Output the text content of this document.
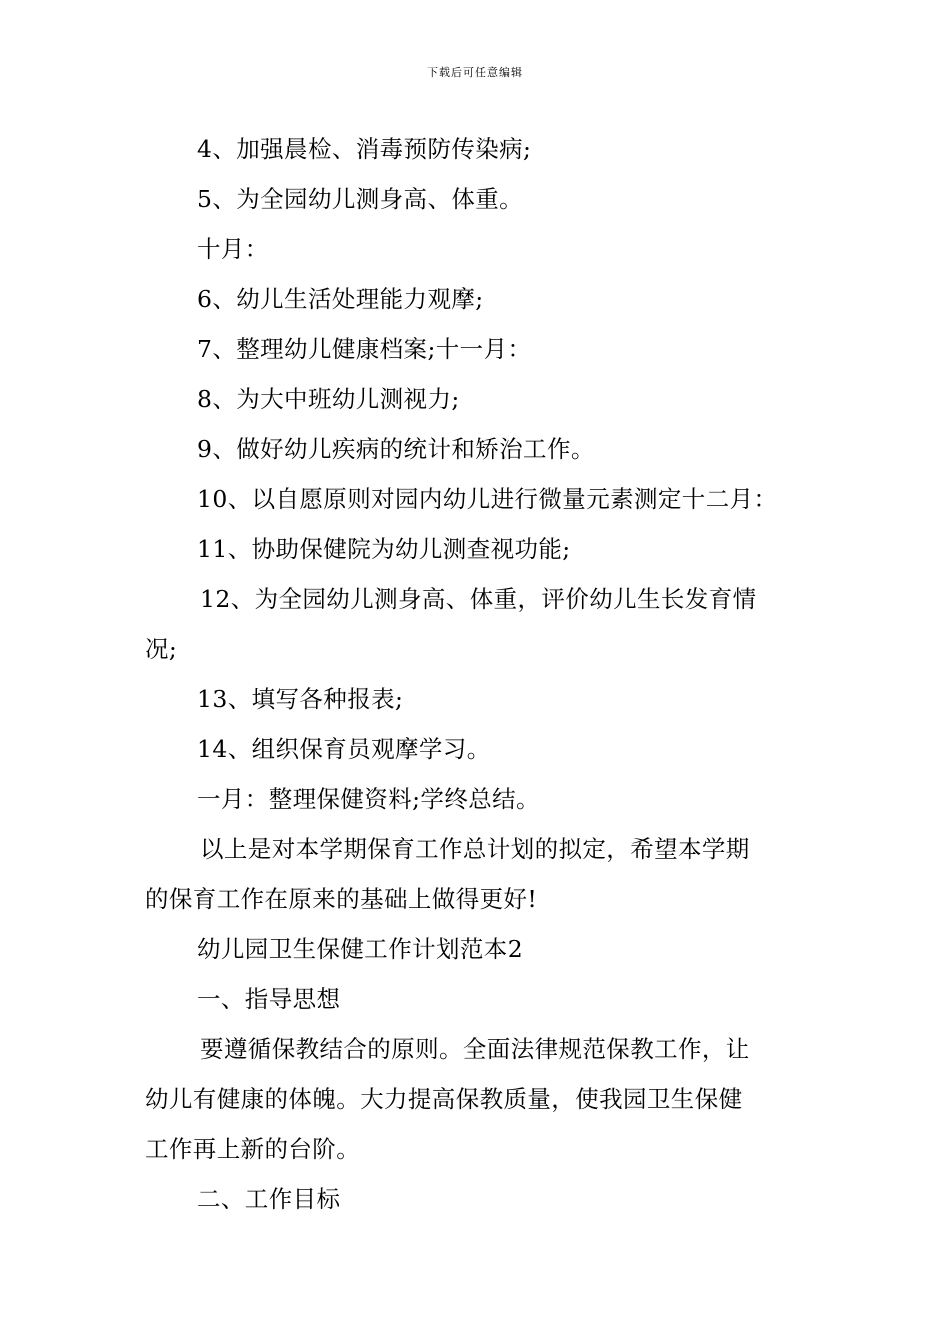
下载后可任意编辑
4、加强晨检、消毒预防传染病;
5、为全园幼儿测身高、体重。
十月：
6、幼儿生活处理能力观摩;
7、整理幼儿健康档案;十一月：
8、为大中班幼儿测视力;
9、做好幼儿疾病的统计和矫治工作。
10、以自愿原则对园内幼儿进行微量元素测定十二月：
11、协助保健院为幼儿测查视功能;
12、为全园幼儿测身高、体重，评价幼儿生长发育情
况;
13、填写各种报表;
14、组织保育员观摩学习。
一月：整理保健资料;学终总结。
以上是对本学期保育工作总计划的拟定，希望本学期
的保育工作在原来的基础上做得更好!
幼儿园卫生保健工作计划范本2
一、指导思想
要遵循保教结合的原则。全面法律规范保教工作，让
幼儿有健康的体魄。大力提高保教质量，使我园卫生保健
工作再上新的台阶。
二、工作目标
